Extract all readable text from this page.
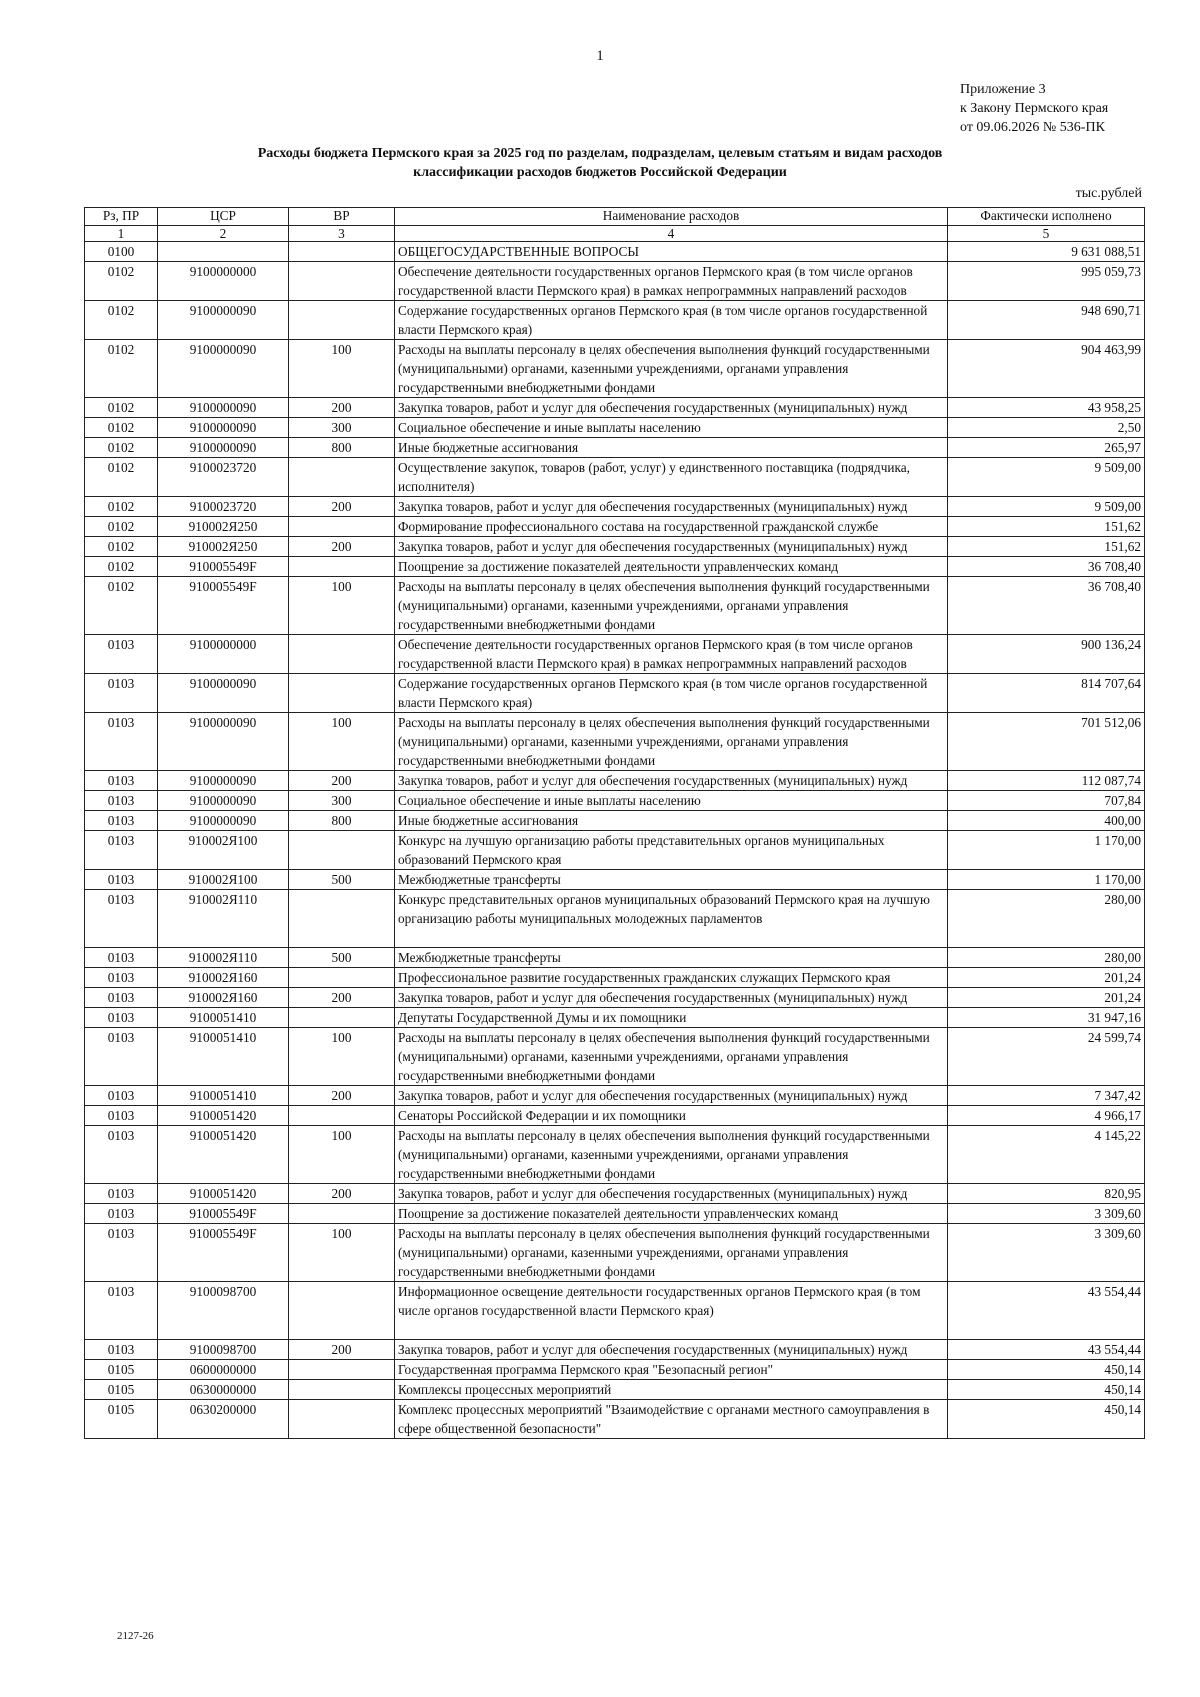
1
Приложение 3
к Закону Пермского края
от 09.06.2026 № 536-ПК
Расходы бюджета Пермского края за 2025 год по разделам, подразделам, целевым статьям и видам расходов
классификации расходов бюджетов Российской Федерации
тыс.рублей
Рз, ПР	ЦСР	ВР	Наименование расходов	Фактически исполнено
1	2	3	4	5
0100			ОБЩЕГОСУДАРСТВЕННЫЕ ВОПРОСЫ	9 631 088,51
0102	9100000000		Обеспечение деятельности государственных органов Пермского края (в том числе органов государственной власти Пермского края) в рамках непрограммных направлений расходов	995 059,73
0102	9100000090		Содержание государственных органов Пермского края (в том числе органов государственной власти Пермского края)	948 690,71
0102	9100000090	100	Расходы на выплаты персоналу в целях обеспечения выполнения функций государственными (муниципальными) органами, казенными учреждениями, органами управления государственными внебюджетными фондами	904 463,99
0102	9100000090	200	Закупка товаров, работ и услуг для обеспечения государственных (муниципальных) нужд	43 958,25
0102	9100000090	300	Социальное обеспечение и иные выплаты населению	2,50
0102	9100000090	800	Иные бюджетные ассигнования	265,97
0102	9100023720		Осуществление закупок, товаров (работ, услуг) у единственного поставщика (подрядчика, исполнителя)	9 509,00
0102	9100023720	200	Закупка товаров, работ и услуг для обеспечения государственных (муниципальных) нужд	9 509,00
0102	910002Я250		Формирование профессионального состава на государственной гражданской службе	151,62
0102	910002Я250	200	Закупка товаров, работ и услуг для обеспечения государственных (муниципальных) нужд	151,62
0102	910005549F		Поощрение за достижение показателей деятельности управленческих команд	36 708,40
0102	910005549F	100	Расходы на выплаты персоналу в целях обеспечения выполнения функций государственными (муниципальными) органами, казенными учреждениями, органами управления государственными внебюджетными фондами	36 708,40
0103	9100000000		Обеспечение деятельности государственных органов Пермского края (в том числе органов государственной власти Пермского края) в рамках непрограммных направлений расходов	900 136,24
0103	9100000090		Содержание государственных органов Пермского края (в том числе органов государственной власти Пермского края)	814 707,64
0103	9100000090	100	Расходы на выплаты персоналу в целях обеспечения выполнения функций государственными (муниципальными) органами, казенными учреждениями, органами управления государственными внебюджетными фондами	701 512,06
0103	9100000090	200	Закупка товаров, работ и услуг для обеспечения государственных (муниципальных) нужд	112 087,74
0103	9100000090	300	Социальное обеспечение и иные выплаты населению	707,84
0103	9100000090	800	Иные бюджетные ассигнования	400,00
0103	910002Я100		Конкурс на лучшую организацию работы представительных органов муниципальных образований Пермского края	1 170,00
0103	910002Я100	500	Межбюджетные трансферты	1 170,00
0103	910002Я110		Конкурс представительных органов муниципальных образований Пермского края на лучшую организацию работы муниципальных молодежных парламентов	280,00
0103	910002Я110	500	Межбюджетные трансферты	280,00
0103	910002Я160		Профессиональное развитие государственных гражданских служащих Пермского края	201,24
0103	910002Я160	200	Закупка товаров, работ и услуг для обеспечения государственных (муниципальных) нужд	201,24
0103	9100051410		Депутаты Государственной Думы и их помощники	31 947,16
0103	9100051410	100	Расходы на выплаты персоналу в целях обеспечения выполнения функций государственными (муниципальными) органами, казенными учреждениями, органами управления государственными внебюджетными фондами	24 599,74
0103	9100051410	200	Закупка товаров, работ и услуг для обеспечения государственных (муниципальных) нужд	7 347,42
0103	9100051420		Сенаторы Российской Федерации и их помощники	4 966,17
0103	9100051420	100	Расходы на выплаты персоналу в целях обеспечения выполнения функций государственными (муниципальными) органами, казенными учреждениями, органами управления государственными внебюджетными фондами	4 145,22
0103	9100051420	200	Закупка товаров, работ и услуг для обеспечения государственных (муниципальных) нужд	820,95
0103	910005549F		Поощрение за достижение показателей деятельности управленческих команд	3 309,60
0103	910005549F	100	Расходы на выплаты персоналу в целях обеспечения выполнения функций государственными (муниципальными) органами, казенными учреждениями, органами управления государственными внебюджетными фондами	3 309,60
0103	9100098700		Информационное освещение деятельности государственных органов Пермского края (в том числе органов государственной власти Пермского края)	43 554,44
0103	9100098700	200	Закупка товаров, работ и услуг для обеспечения государственных (муниципальных) нужд	43 554,44
0105	0600000000		Государственная программа Пермского края "Безопасный регион"	450,14
0105	0630000000		Комплексы процессных мероприятий	450,14
0105	0630200000		Комплекс процессных мероприятий "Взаимодействие с органами местного самоуправления в сфере общественной безопасности"	450,14
2127-26
